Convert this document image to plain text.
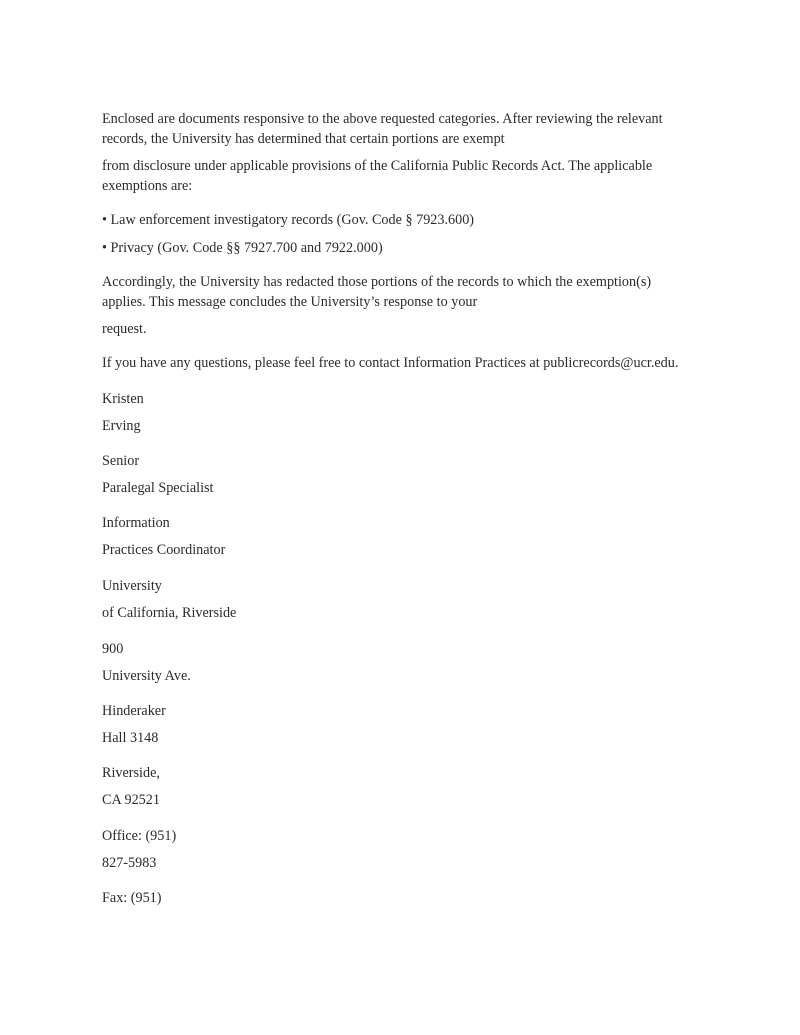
Enclosed are documents responsive to the above requested categories. After reviewing the relevant
records, the University has determined that certain portions are exempt

from disclosure under applicable provisions of the California Public Records Act. The applicable
exemptions are:

• Law enforcement investigatory records (Gov. Code § 7923.600)

• Privacy (Gov. Code §§ 7927.700 and 7922.000)

Accordingly, the University has redacted those portions of the records to which the exemption(s)
applies. This message concludes the University’s response to your

request.

If you have any questions, please feel free to contact Information Practices at publicrecords@ucr.edu.

Kristen

Erving

Senior

Paralegal Specialist

Information

Practices Coordinator

University

of California, Riverside

900

University Ave.

Hinderaker

Hall 3148

Riverside,

CA 92521

Office: (951)

827-5983

Fax: (951)
